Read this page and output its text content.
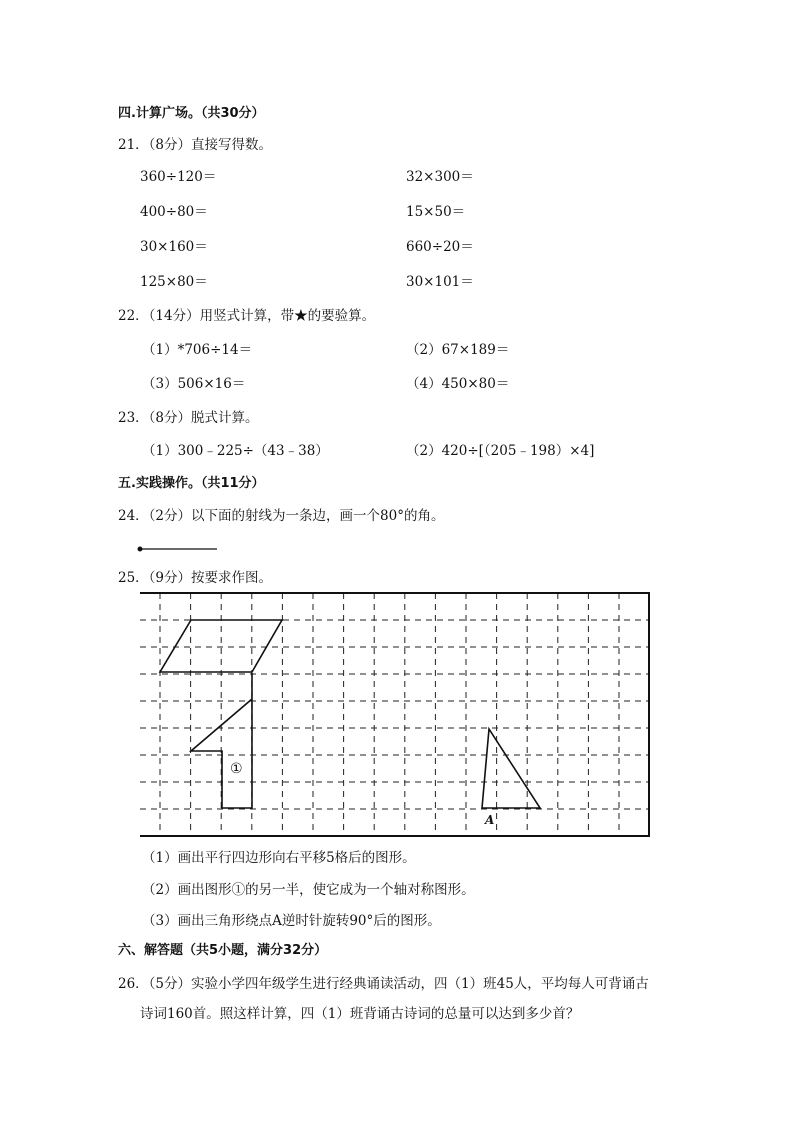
四.计算广场。（共30分）
21．（8分）直接写得数。
360÷120＝	32×300＝
400÷80＝	15×50＝
30×160＝	660÷20＝
125×80＝	30×101＝
22．（14分）用竖式计算，带★的要验算。
（1）*706÷14＝	（2）67×189＝
（3）506×16＝	（4）450×80＝
23．（8分）脱式计算。
（1）300﹣225÷（43﹣38）	（2）420÷[（205﹣198）×4]
五.实践操作。（共11分）
24．（2分）以下面的射线为一条边，画一个80°的角。
25．（9分）按要求作图。
①
A
（1）画出平行四边形向右平移5格后的图形。
（2）画出图形①的另一半，使它成为一个轴对称图形。
（3）画出三角形绕点A逆时针旋转90°后的图形。
六、解答题（共5小题，满分32分）
26．（5分）实验小学四年级学生进行经典诵读活动，四（1）班45人，平均每人可背诵古
诗词160首。照这样计算，四（1）班背诵古诗词的总量可以达到多少首？
